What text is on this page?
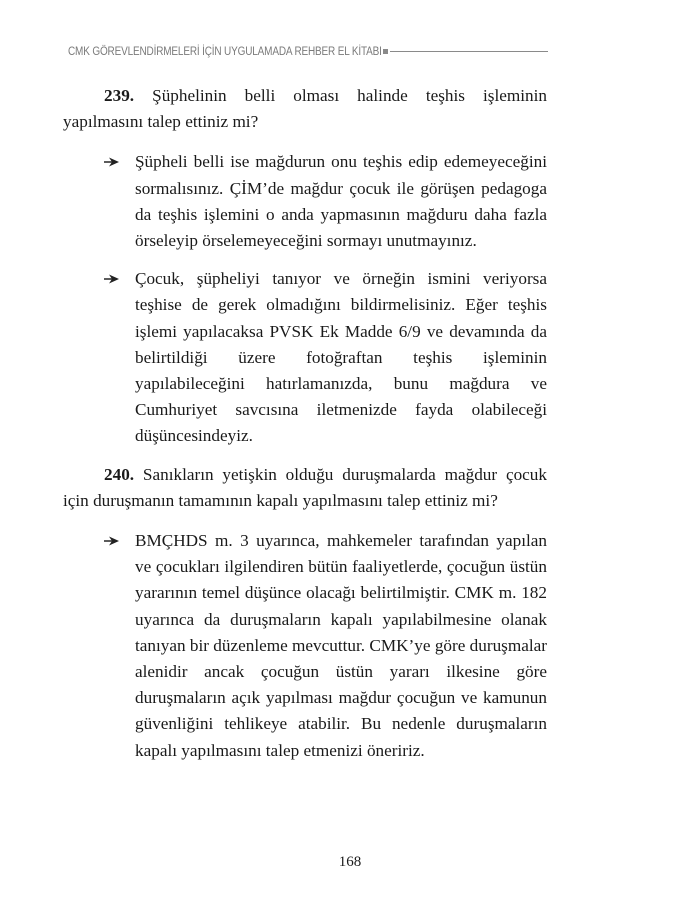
CMK GÖREVLENDİRMELERİ İÇİN UYGULAMADA REHBER EL KİTABI

239. Şüphelinin belli olması halinde teşhis işleminin yapılmasını talep ettiniz mi?

Şüpheli belli ise mağdurun onu teşhis edip edemeyeceğini sormalısınız. ÇİM’de mağdur çocuk ile görüşen pedagoga da teşhis işlemini o anda yapmasının mağduru daha fazla örseleyip örselemeyeceğini sormayı unutmayınız.
Çocuk, şüpheliyi tanıyor ve örneğin ismini veriyorsa teşhise de gerek olmadığını bildirmelisiniz. Eğer teşhis işlemi yapılacaksa PVSK Ek Madde 6/9 ve devamında da belirtildiği üzere fotoğraftan teşhis işleminin yapılabileceğini hatırlamanızda, bunu mağdura ve Cumhuriyet savcısına iletmenizde fayda olabileceği düşüncesindeyiz.

240. Sanıkların yetişkin olduğu duruşmalarda mağdur çocuk için duruşmanın tamamının kapalı yapılmasını talep ettiniz mi?

BMÇHDS m. 3 uyarınca, mahkemeler tarafından yapılan ve çocukları ilgilendiren bütün faaliyetlerde, çocuğun üstün yararının temel düşünce olacağı belirtilmiştir. CMK m. 182 uyarınca da duruşmaların kapalı yapılabilmesine olanak tanıyan bir düzenleme mevcuttur. CMK’ye göre duruşmalar alenidir ancak çocuğun üstün yararı ilkesine göre duruşmaların açık yapılması mağdur çocuğun ve kamunun güvenliğini tehlikeye atabilir. Bu nedenle duruşmaların kapalı yapılmasını talep etmenizi öneririz.
168
